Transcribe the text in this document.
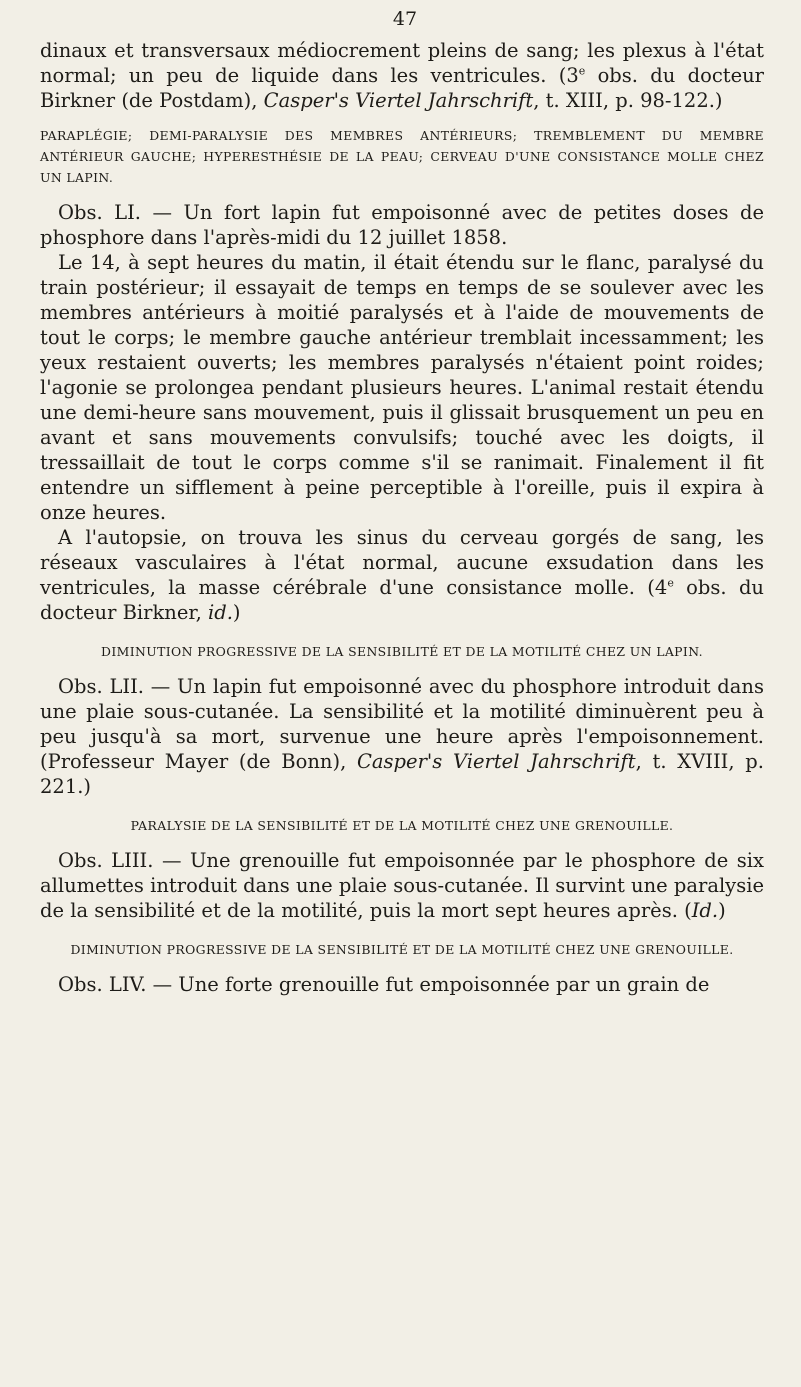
47

dinaux et transversaux médiocrement pleins de sang; les plexus à l'état normal; un peu de liquide dans les ventricules. (3e obs. du docteur Birkner (de Postdam), Casper's Viertel Jahrschrift, t. XIII, p. 98-122.)

PARAPLÉGIE; DEMI-PARALYSIE DES MEMBRES ANTÉRIEURS; TREMBLEMENT DU MEMBRE ANTÉRIEUR GAUCHE; HYPERESTHÉSIE DE LA PEAU; CERVEAU D'UNE CONSISTANCE MOLLE CHEZ UN LAPIN.

Obs. LI. — Un fort lapin fut empoisonné avec de petites doses de phosphore dans l'après-midi du 12 juillet 1858.

Le 14, à sept heures du matin, il était étendu sur le flanc, paralysé du train postérieur; il essayait de temps en temps de se soulever avec les membres antérieurs à moitié paralysés et à l'aide de mouvements de tout le corps; le membre gauche antérieur tremblait incessamment; les yeux restaient ouverts; les membres paralysés n'étaient point roides; l'agonie se prolongea pendant plusieurs heures. L'animal restait étendu une demi-heure sans mouvement, puis il glissait brusquement un peu en avant et sans mouvements convulsifs; touché avec les doigts, il tressaillait de tout le corps comme s'il se ranimait. Finalement il fit entendre un sifflement à peine perceptible à l'oreille, puis il expira à onze heures.

A l'autopsie, on trouva les sinus du cerveau gorgés de sang, les réseaux vasculaires à l'état normal, aucune exsudation dans les ventricules, la masse cérébrale d'une consistance molle. (4e obs. du docteur Birkner, id.)

DIMINUTION PROGRESSIVE DE LA SENSIBILITÉ ET DE LA MOTILITÉ CHEZ UN LAPIN.

Obs. LII. — Un lapin fut empoisonné avec du phosphore introduit dans une plaie sous-cutanée. La sensibilité et la motilité diminuèrent peu à peu jusqu'à sa mort, survenue une heure après l'empoisonnement. (Professeur Mayer (de Bonn), Casper's Viertel Jahrschrift, t. XVIII, p. 221.)

PARALYSIE DE LA SENSIBILITÉ ET DE LA MOTILITÉ CHEZ UNE GRENOUILLE.

Obs. LIII. — Une grenouille fut empoisonnée par le phosphore de six allumettes introduit dans une plaie sous-cutanée. Il survint une paralysie de la sensibilité et de la motilité, puis la mort sept heures après. (Id.)

DIMINUTION PROGRESSIVE DE LA SENSIBILITÉ ET DE LA MOTILITÉ CHEZ UNE GRENOUILLE.

Obs. LIV. — Une forte grenouille fut empoisonnée par un grain de
